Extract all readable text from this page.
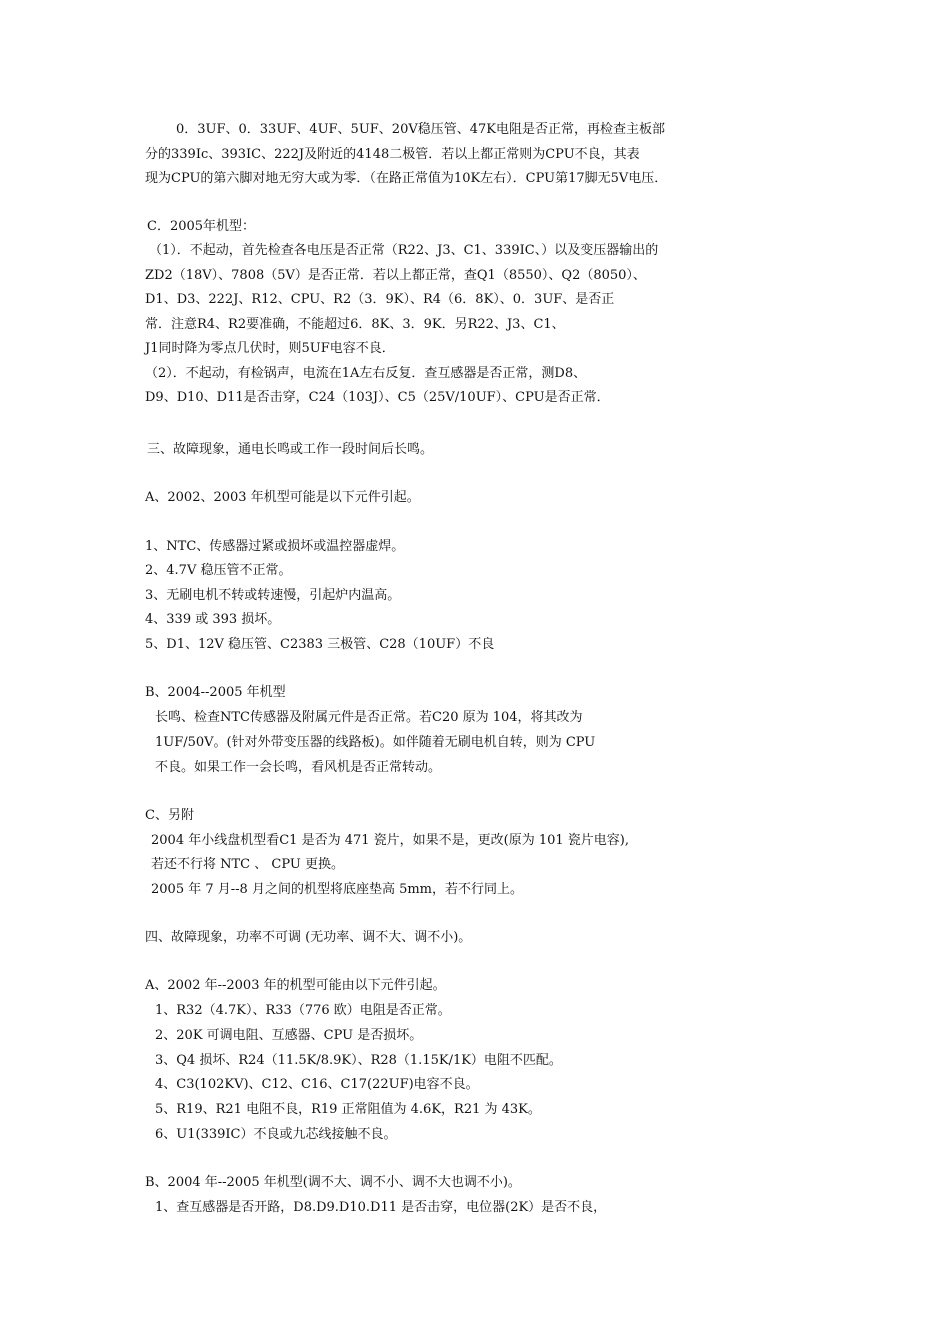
0．3UF、0．33UF、4UF、5UF、20V稳压管、47K电阻是否正常，再检查主板部
分的339Ic、393IC、222J及附近的4148二极管．若以上都正常则为CPU不良，其表
现为CPU的第六脚对地无穷大或为零．（在路正常值为10K左右）．CPU第17脚无5V电压．
C．2005年机型：
（1）．不起动，首先检查各电压是否正常（R22、J3、C1、339IC、）以及变压器输出的
ZD2（18V）、7808（5V）是否正常．若以上都正常，查Q1（8550）、Q2（8050）、
D1、D3、222J、R12、CPU、R2（3．9K）、R4（6．8K）、0．3UF、是否正
常．注意R4、R2要准确，不能超过6．8K、3．9K．另R22、J3、C1、
J1同时降为零点几伏时，则5UF电容不良．
（2）．不起动，有检锅声，电流在1A左右反复．查互感器是否正常，测D8、
D9、D10、D11是否击穿，C24（103J）、C5（25V/10UF）、CPU是否正常．
三、故障现象，通电长鸣或工作一段时间后长鸣。
A、2002、2003 年机型可能是以下元件引起。
1、NTC、传感器过紧或损坏或温控器虚焊。
2、4.7V 稳压管不正常。
3、无刷电机不转或转速慢，引起炉内温高。
4、339 或 393 损坏。
5、D1、12V 稳压管、C2383 三极管、C28（10UF）不良
B、2004--2005 年机型
长鸣、检查NTC传感器及附属元件是否正常。若C20 原为 104，将其改为
1UF/50V。(针对外带变压器的线路板)。如伴随着无刷电机自转，则为 CPU
不良。如果工作一会长鸣，看风机是否正常转动。
C、另附
2004 年小线盘机型看C1 是否为 471 瓷片，如果不是，更改(原为 101 瓷片电容),
若还不行将 NTC 、 CPU 更换。
2005 年 7 月--8 月之间的机型将底座垫高 5mm，若不行同上。
四、故障现象，功率不可调 (无功率、调不大、调不小)。
A、2002 年--2003 年的机型可能由以下元件引起。
1、R32（4.7K）、R33（776 欧）电阻是否正常。
2、20K 可调电阻、互感器、CPU 是否损坏。
3、Q4 损坏、R24（11.5K/8.9K）、R28（1.15K/1K）电阻不匹配。
4、C3(102KV)、C12、C16、C17(22UF)电容不良。
5、R19、R21 电阻不良，R19 正常阻值为 4.6K，R21 为 43K。
6、U1(339IC）不良或九芯线接触不良。
B、2004 年--2005 年机型(调不大、调不小、调不大也调不小)。
1、查互感器是否开路，D8.D9.D10.D11 是否击穿，电位器(2K）是否不良，
